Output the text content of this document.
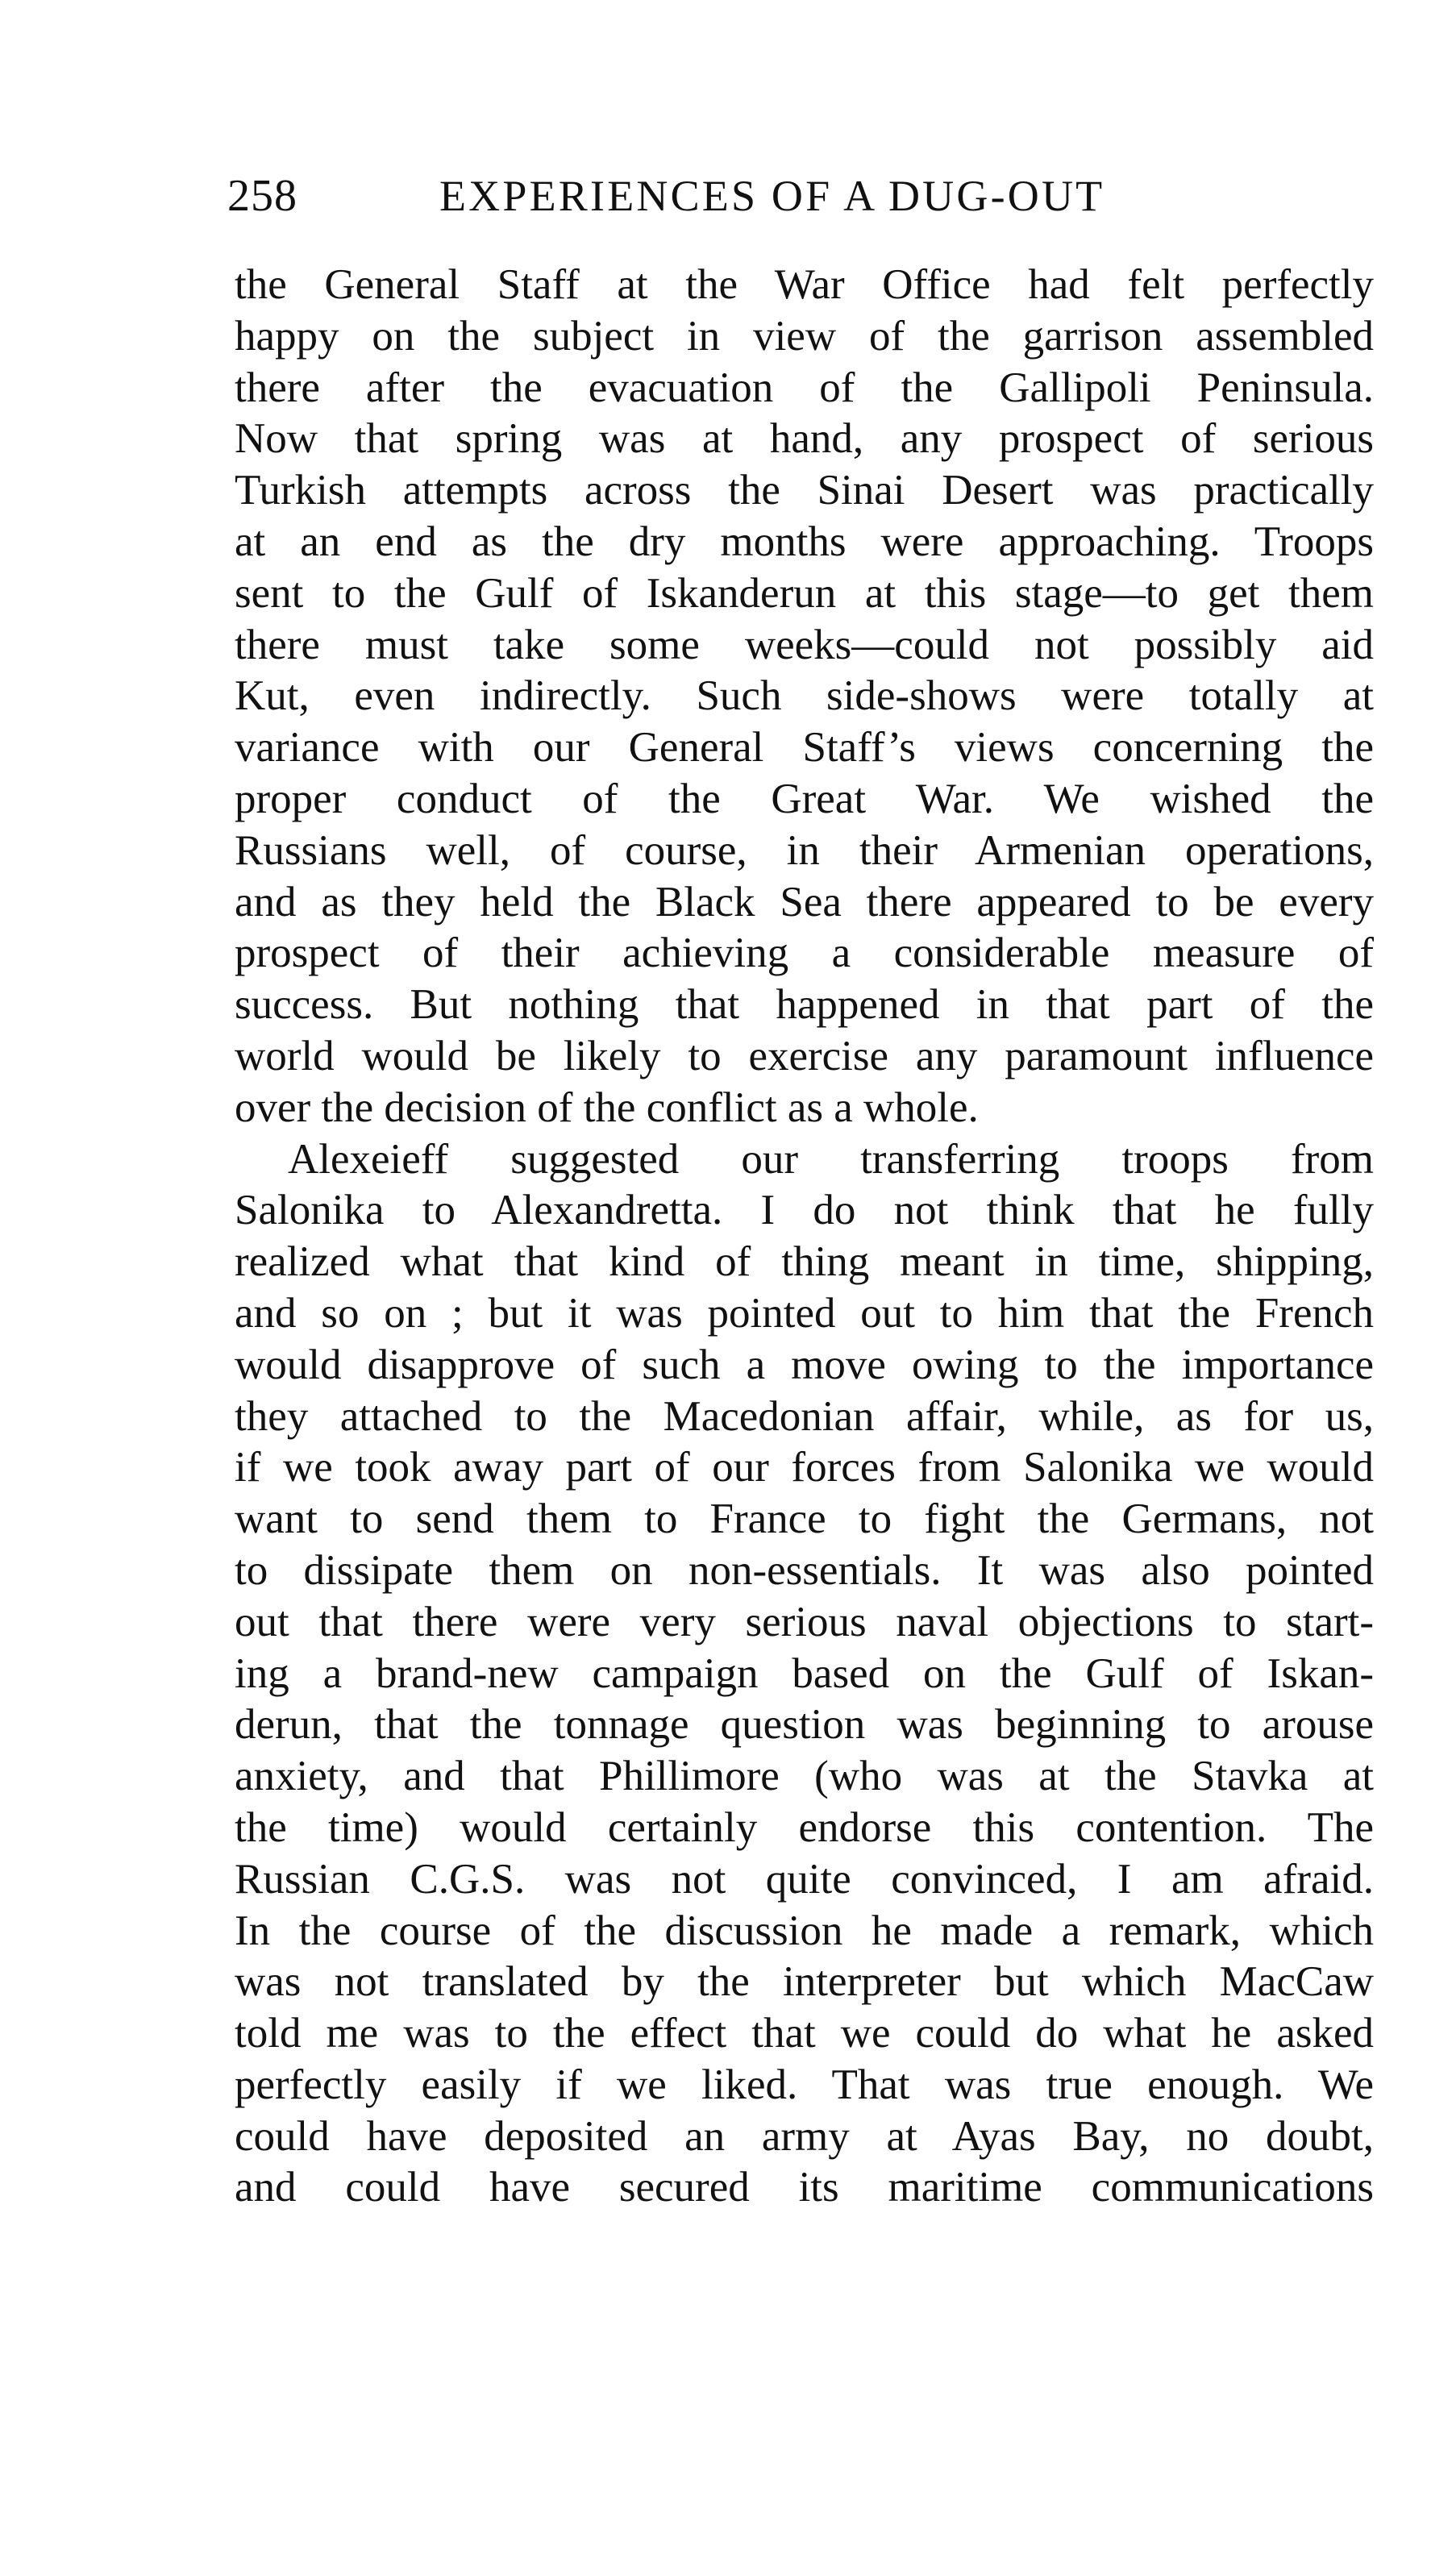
258	EXPERIENCES OF A DUG-OUT
the General Staff at the War Office had felt perfectly
happy on the subject in view of the garrison assembled
there after the evacuation of the Gallipoli Peninsula.
Now that spring was at hand, any prospect of serious
Turkish attempts across the Sinai Desert was practically
at an end as the dry months were approaching. Troops
sent to the Gulf of Iskanderun at this stage—to get them
there must take some weeks—could not possibly aid
Kut, even indirectly. Such side-shows were totally at
variance with our General Staff’s views concerning the
proper conduct of the Great War. We wished the
Russians well, of course, in their Armenian operations,
and as they held the Black Sea there appeared to be every
prospect of their achieving a considerable measure of
success. But nothing that happened in that part of the
world would be likely to exercise any paramount influence
over the decision of the conflict as a whole.
Alexeieff suggested our transferring troops from
Salonika to Alexandretta. I do not think that he fully
realized what that kind of thing meant in time, shipping,
and so on ; but it was pointed out to him that the French
would disapprove of such a move owing to the importance
they attached to the Macedonian affair, while, as for us,
if we took away part of our forces from Salonika we would
want to send them to France to fight the Germans, not
to dissipate them on non-essentials. It was also pointed
out that there were very serious naval objections to start-
ing a brand-new campaign based on the Gulf of Iskan-
derun, that the tonnage question was beginning to arouse
anxiety, and that Phillimore (who was at the Stavka at
the time) would certainly endorse this contention. The
Russian C.G.S. was not quite convinced, I am afraid.
In the course of the discussion he made a remark, which
was not translated by the interpreter but which MacCaw
told me was to the effect that we could do what he asked
perfectly easily if we liked. That was true enough. We
could have deposited an army at Ayas Bay, no doubt,
and could have secured its maritime communications
